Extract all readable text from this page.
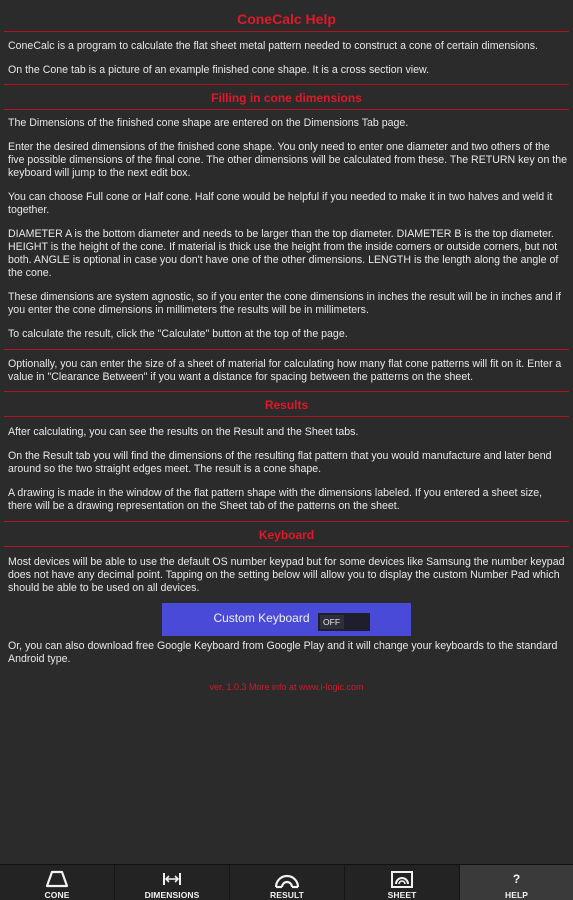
ConeCalc Help

ConeCalc is a program to calculate the flat sheet metal pattern needed to construct a cone of certain dimensions.

On the Cone tab is a picture of an example finished cone shape. It is a cross section view.

Filling in cone dimensions

The Dimensions of the finished cone shape are entered on the Dimensions Tab page.

Enter the desired dimensions of the finished cone shape. You only need to enter one diameter and two others of the five possible dimensions of the final cone. The other dimensions will be calculated from these. The RETURN key on the keyboard will jump to the next edit box.

You can choose Full cone or Half cone. Half cone would be helpful if you needed to make it in two halves and weld it together.

DIAMETER A is the bottom diameter and needs to be larger than the top diameter. DIAMETER B is the top diameter. HEIGHT is the height of the cone. If material is thick use the height from the inside corners or outside corners, but not both. ANGLE is optional in case you don't have one of the other dimensions. LENGTH is the length along the angle of the cone.

These dimensions are system agnostic, so if you enter the cone dimensions in inches the result will be in inches and if you enter the cone dimensions in millimeters the results will be in millimeters.

To calculate the result, click the "Calculate" button at the top of the page.

Optionally, you can enter the size of a sheet of material for calculating how many flat cone patterns will fit on it. Enter a value in "Clearance Between" if you want a distance for spacing between the patterns on the sheet.

Results

After calculating, you can see the results on the Result and the Sheet tabs.

On the Result tab you will find the dimensions of the resulting flat pattern that you would manufacture and later bend around so the two straight edges meet. The result is a cone shape.

A drawing is made in the window of the flat pattern shape with the dimensions labeled. If you entered a sheet size, there will be a drawing representation on the Sheet tab of the patterns on the sheet.

Keyboard

Most devices will be able to use the default OS number keypad but for some devices like Samsung the number keypad does not have any decimal point. Tapping on the setting below will allow you to display the custom Number Pad which should be able to be used on all devices.

Custom Keyboard	OFF

Or, you can also download free Google Keyboard from Google Play and it will change your keyboards to the standard Android type.

ver. 1.0.3 More info at www.i-logic.com
CONE	DIMENSIONS	RESULT	SHEET
?
HELP
